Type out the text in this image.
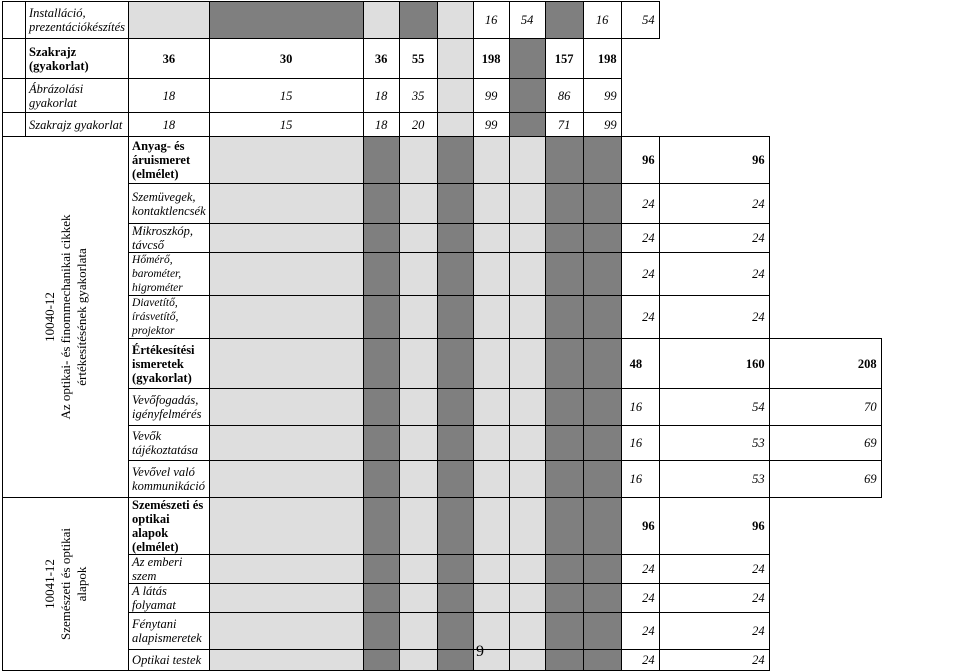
	Installáció, prezentációkészítés						16	54		16	54		
	Szakrajz (gyakorlat)	36	30	36	55		198		157	198			
	Ábrázolási gyakorlat	18	15	18	35		99		86	99			
	Szakrajz gyakorlat	18	15	18	20		99		71	99			

10040-12 Az optikai- és finommechanikai cikkek értékesítésének gyakorlata		Anyag- és áruismeret (elmélet)									96	96	
		Szemüvegek, kontaktlencsék									24	24	
		Mikroszkóp, távcső									24	24	
		Hőmérő, barométer, higrométer									24	24	
		Diavetítő, írásvetítő, projektor									24	24	
		Értékesítési ismeretek (gyakorlat)									48	160	208
		Vevőfogadás, igényfelmérés									16	54	70
		Vevők tájékoztatása									16	53	69
		Vevővel való kommunikáció									16	53	69

10041-12 Szemészeti és optikai alapok		Szemészeti és optikai alapok (elmélet)									96	96	
		Az emberi szem									24	24	
		A látás folyamat									24	24	
		Fénytani alapismeretek									24	24	
		Optikai testek									24	24	
9
